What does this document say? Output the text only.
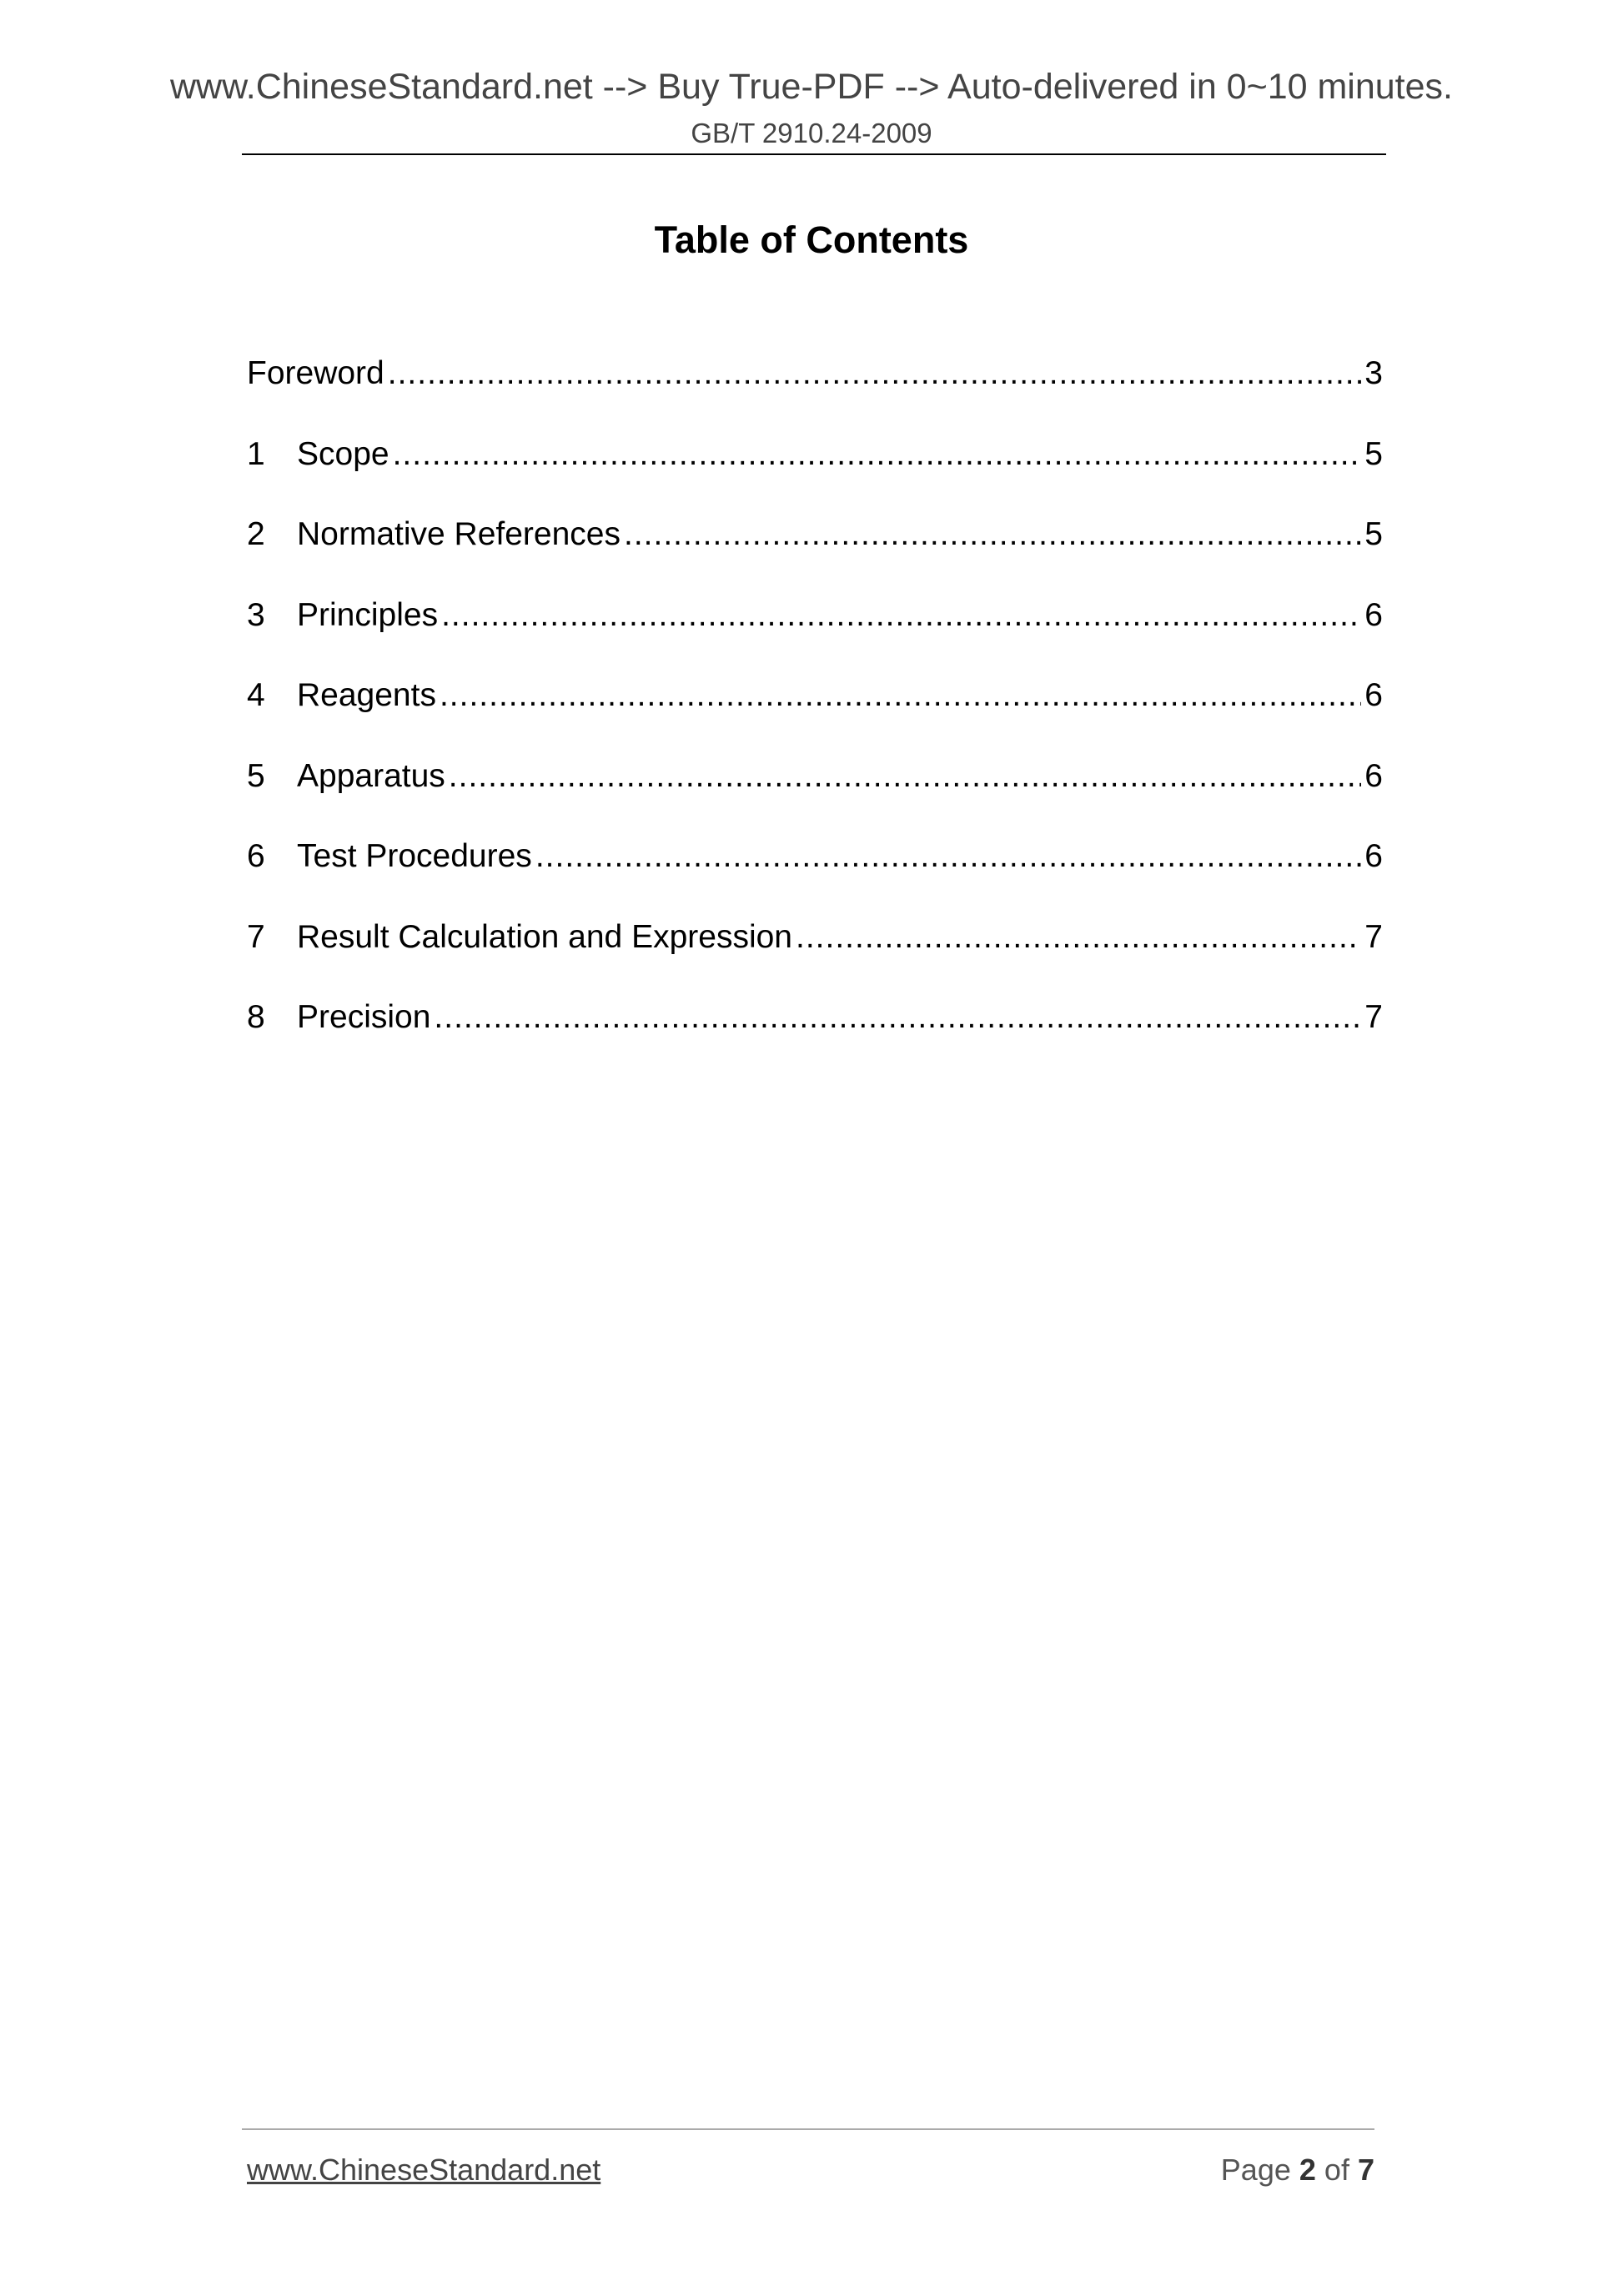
www.ChineseStandard.net --> Buy True-PDF --> Auto-delivered in 0~10 minutes.
GB/T 2910.24-2009
Table of Contents
Foreword .....	3
1 Scope .....	5
2 Normative References .....	5
3 Principles .....	6
4 Reagents .....	6
5 Apparatus .....	6
6 Test Procedures .....	6
7 Result Calculation and Expression .....	7
8 Precision .....	7
www.ChineseStandard.net	Page 2 of 7
